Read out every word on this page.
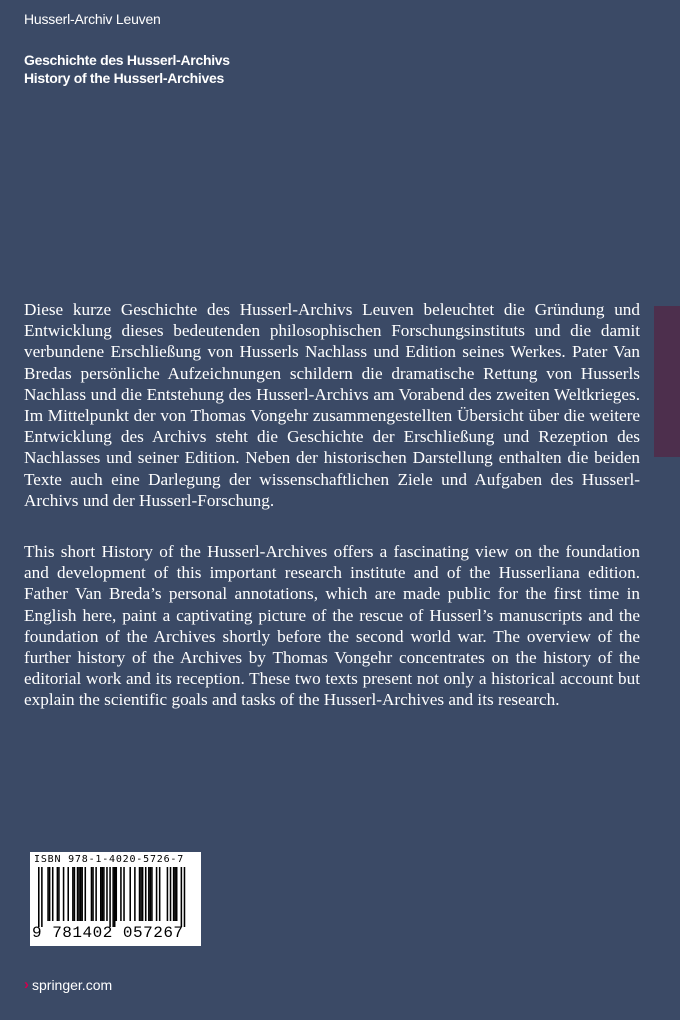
Husserl-Archiv Leuven
Geschichte des Husserl-Archivs
History of the Husserl-Archives

Diese kurze Geschichte des Husserl-Archivs Leuven beleuchtet die Gründung und Entwicklung dieses bedeutenden philosophischen Forschungsinstituts und die damit verbundene Erschließung von Husserls Nachlass und Edition seines Werkes. Pater Van Bredas persönliche Aufzeichnungen schildern die dramatische Rettung von Husserls Nachlass und die Entstehung des Husserl-Archivs am Vorabend des zweiten Weltkrieges. Im Mittelpunkt der von Thomas Vongehr zusammengestellten Übersicht über die weitere Entwicklung des Archivs steht die Geschichte der Erschließung und Rezeption des Nachlasses und seiner Edition. Neben der historischen Darstellung enthalten die beiden Texte auch eine Darlegung der wissenschaftlichen Ziele und Aufgaben des Husserl-Archivs und der Husserl-Forschung.

This short History of the Husserl-Archives offers a fascinating view on the foundation and development of this important research institute and of the Husserliana edition. Father Van Breda’s personal annotations, which are made public for the first time in English here, paint a captivating picture of the rescue of Husserl’s manuscripts and the foundation of the Archives shortly before the second world war. The overview of the further history of the Archives by Thomas Vongehr concentrates on the history of the editorial work and its reception. These two texts present not only a historical account but explain the scientific goals and tasks of the Husserl-Archives and its research.

ISBN 978-1-4020-5726-7
9 781402 057267
› springer.com
